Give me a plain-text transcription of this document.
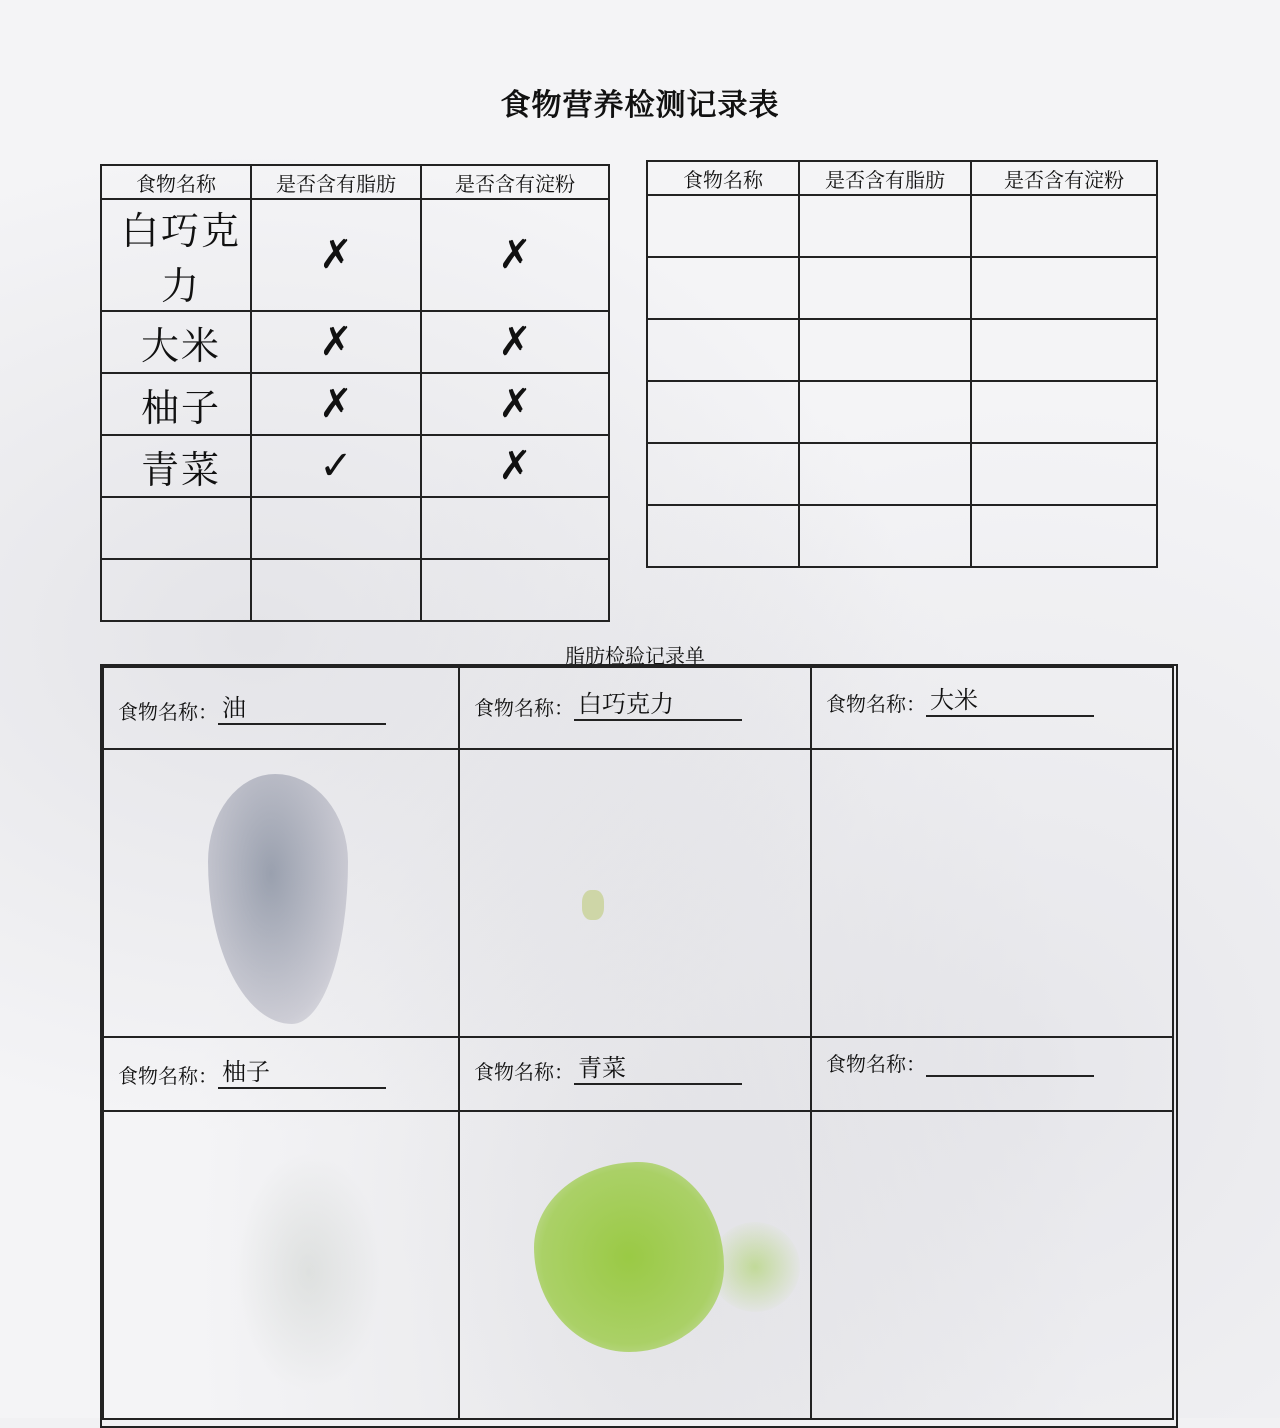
食物营养检测记录表
食物名称	是否含有脂肪	是否含有淀粉
白巧克力	✗	✗
大米	✗	✗
柚子	✗	✗
青菜	✓	✗

食物名称	是否含有脂肪	是否含有淀粉

脂肪检验记录单
食物名称： 油	食物名称： 白巧克力	食物名称： 大米
食物名称： 柚子	食物名称： 青菜	食物名称：
